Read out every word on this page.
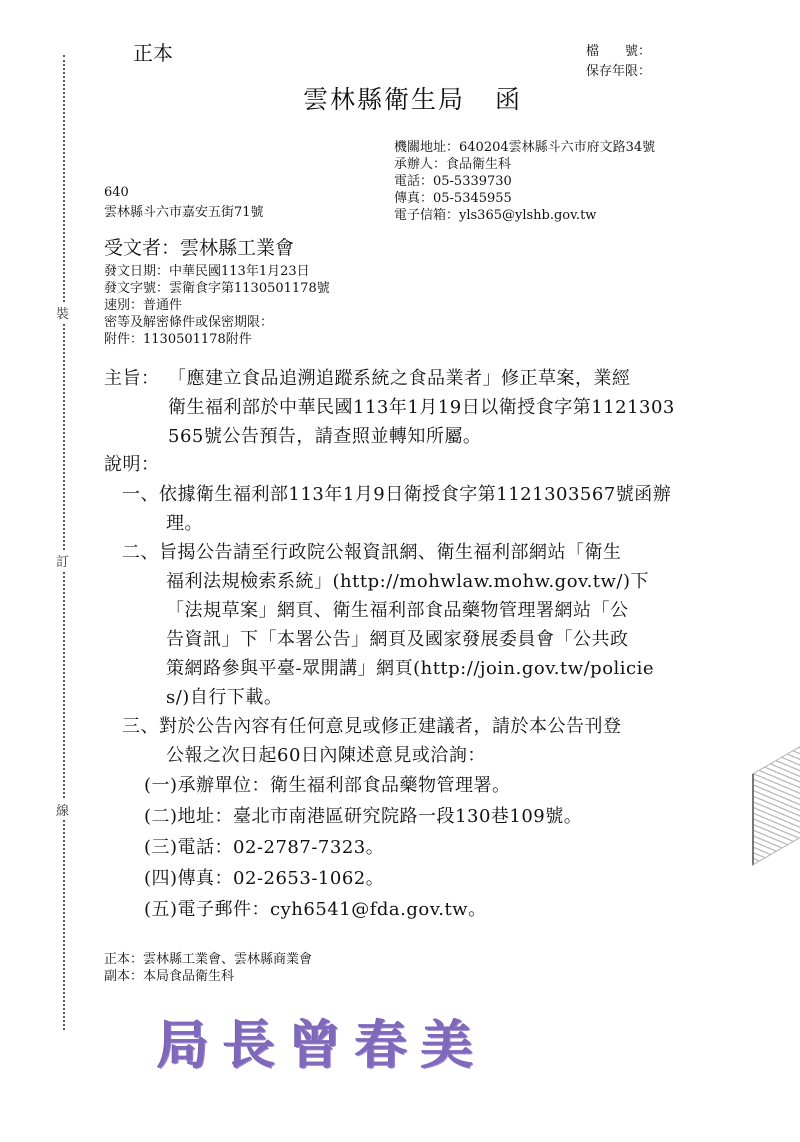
裝
訂
線
正本	檔　　號：
保存年限：
雲林縣衛生局 函
機關地址：640204雲林縣斗六市府文路34號
承辦人：食品衛生科
電話：05-5339730
傳真：05-5345955
電子信箱：yls365@ylshb.gov.tw
640
雲林縣斗六市嘉安五街71號
受文者：雲林縣工業會
發文日期：中華民國113年1月23日
發文字號：雲衛食字第1130501178號
速別：普通件
密等及解密條件或保密期限：
附件：1130501178附件
主旨： 「應建立食品追溯追蹤系統之食品業者」修正草案，業經
衛生福利部於中華民國113年1月19日以衛授食字第1121303
565號公告預告，請查照並轉知所屬。
說明：
一、依據衛生福利部113年1月9日衛授食字第1121303567號函辦
理。
二、旨揭公告請至行政院公報資訊網、衛生福利部網站「衛生
福利法規檢索系統」(http://mohwlaw.mohw.gov.tw/)下
「法規草案」網頁、衛生福利部食品藥物管理署網站「公
告資訊」下「本署公告」網頁及國家發展委員會「公共政
策網路參與平臺-眾開講」網頁(http://join.gov.tw/policie
s/)自行下載。
三、對於公告內容有任何意見或修正建議者，請於本公告刊登
公報之次日起60日內陳述意見或洽詢：
(一)承辦單位：衛生福利部食品藥物管理署。
(二)地址：臺北市南港區研究院路一段130巷109號。
(三)電話：02-2787-7323。
(四)傳真：02-2653-1062。
(五)電子郵件：cyh6541@fda.gov.tw。
正本：雲林縣工業會、雲林縣商業會
副本：本局食品衛生科
局長曾春美
